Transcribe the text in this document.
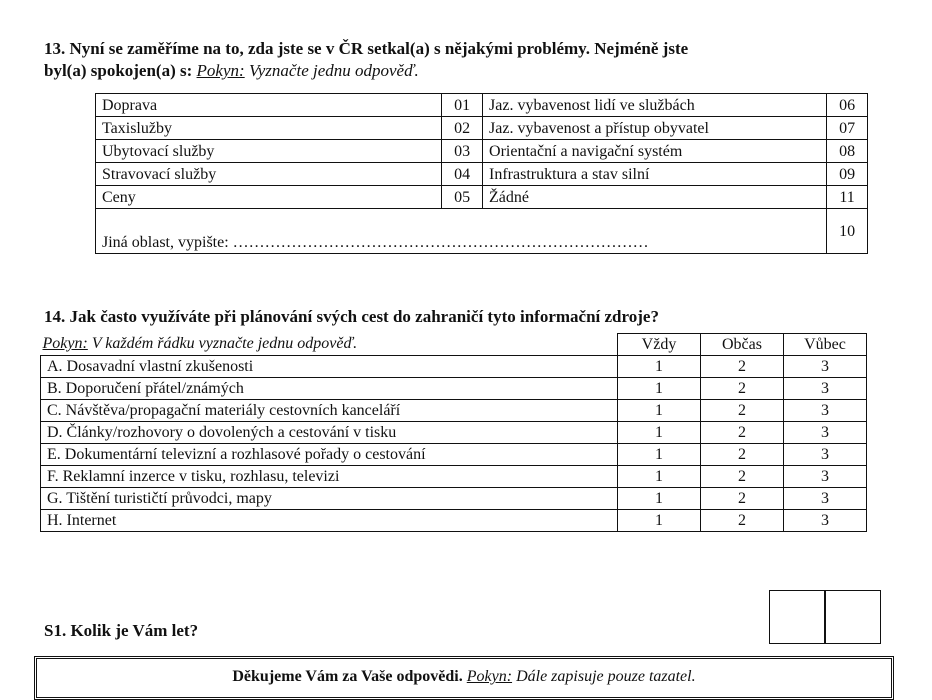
13. Nyní se zaměříme na to, zda jste se v ČR setkal(a) s nějakými problémy. Nejméně jste
byl(a) spokojen(a) s: Pokyn: Vyznačte jednu odpověď.
Doprava	01	Jaz. vybavenost lidí ve službách	06
Taxislužby	02	Jaz. vybavenost a přístup obyvatel	07
Ubytovací služby	03	Orientační a navigační systém	08
Stravovací služby	04	Infrastruktura a stav silní	09
Ceny	05	Žádné	11
Jiná oblast, vypište: ……………………………………………………………………			10
14. Jak často využíváte při plánování svých cest do zahraničí tyto informační zdroje?
Pokyn: V každém řádku vyznačte jednu odpověď.	Vždy	Občas	Vůbec
A. Dosavadní vlastní zkušenosti	1	2	3
B. Doporučení přátel/známých	1	2	3
C. Návštěva/propagační materiály cestovních kanceláří	1	2	3
D. Články/rozhovory o dovolených a cestování v tisku	1	2	3
E. Dokumentární televizní a rozhlasové pořady o cestování	1	2	3
F. Reklamní inzerce v tisku, rozhlasu, televizi	1	2	3
G. Tištění turističtí průvodci, mapy	1	2	3
H. Internet	1	2	3
S1. Kolik je Vám let?
Děkujeme Vám za Vaše odpovědi. Pokyn: Dále zapisuje pouze tazatel.
